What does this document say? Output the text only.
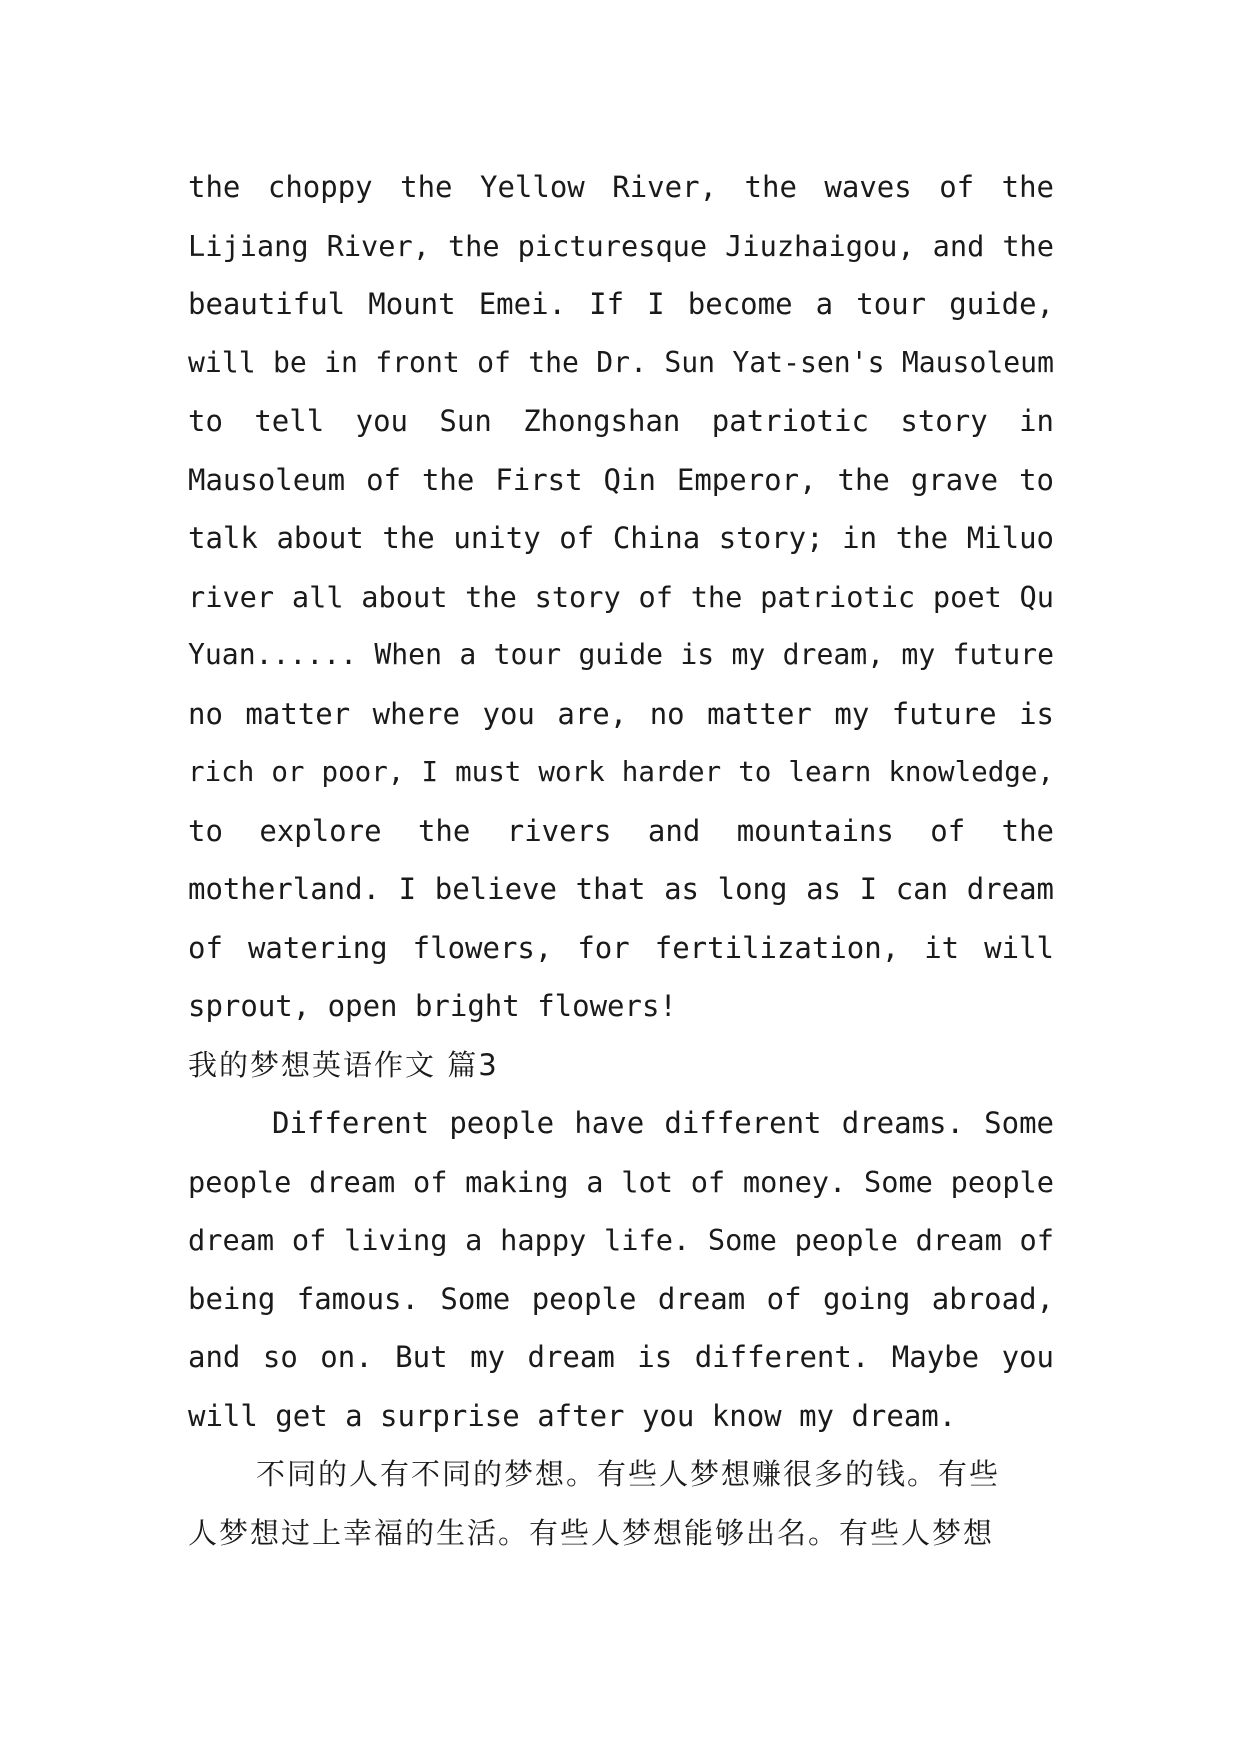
the choppy the Yellow River, the waves of the
Lijiang River, the picturesque Jiuzhaigou, and the
beautiful Mount Emei. If I become a tour guide,
will be in front of the Dr. Sun Yat-sen's Mausoleum
to tell you Sun Zhongshan patriotic story in
Mausoleum of the First Qin Emperor, the grave to
talk about the unity of China story; in the Miluo
river all about the story of the patriotic poet Qu
Yuan...... When a tour guide is my dream, my future
no matter where you are, no matter my future is
rich or poor, I must work harder to learn knowledge,
to explore the rivers and mountains of the
motherland. I believe that as long as I can dream
of watering flowers, for fertilization, it will
sprout, open bright flowers!
我的梦想英语作文 篇3
Different people have different dreams. Some
people dream of making a lot of money. Some people
dream of living a happy life. Some people dream of
being famous. Some people dream of going abroad,
and so on. But my dream is different. Maybe you
will get a surprise after you know my dream.
不同的人有不同的梦想。有些人梦想赚很多的钱。有些
人梦想过上幸福的生活。有些人梦想能够出名。有些人梦想
